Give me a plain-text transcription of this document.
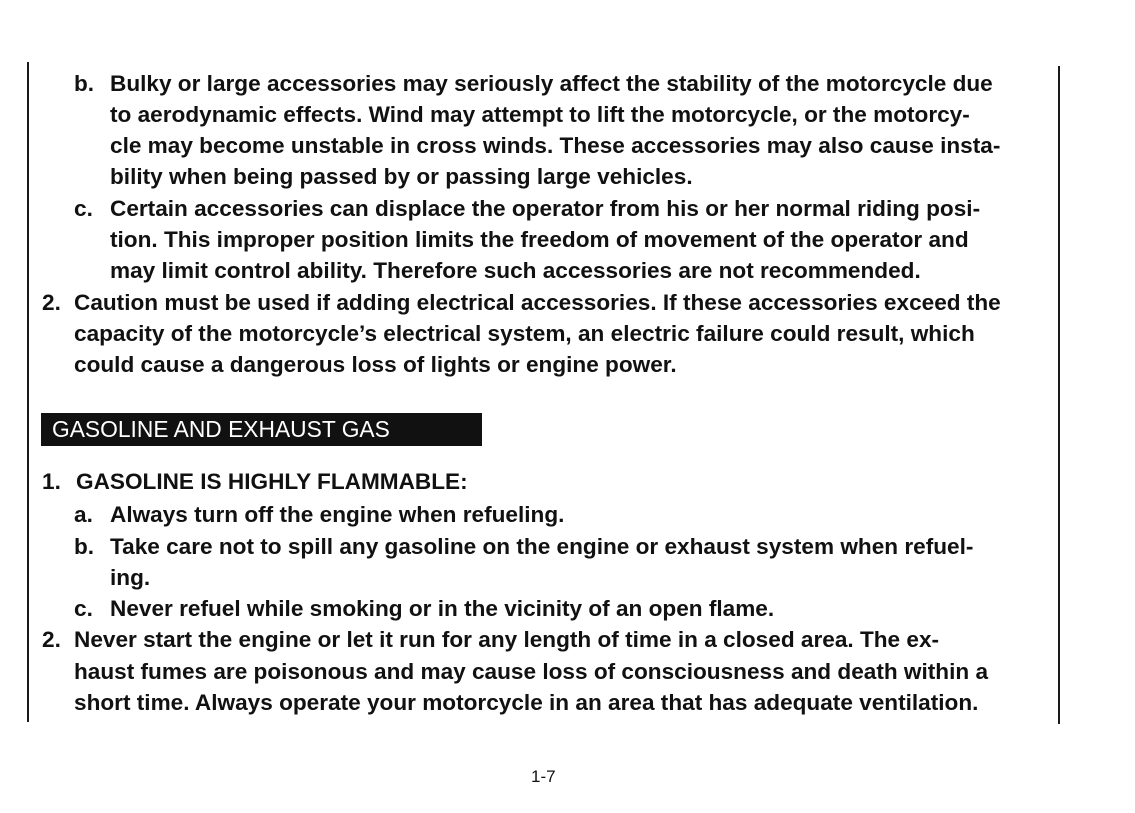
b. Bulky or large accessories may seriously affect the stability of the motorcycle due
to aerodynamic effects. Wind may attempt to lift the motorcycle, or the motorcy-
cle may become unstable in cross winds. These accessories may also cause insta-
bility when being passed by or passing large vehicles.
c. Certain accessories can displace the operator from his or her normal riding posi-
tion. This improper position limits the freedom of movement of the operator and
may limit control ability. Therefore such accessories are not recommended.
2. Caution must be used if adding electrical accessories. If these accessories exceed the
capacity of the motorcycle’s electrical system, an electric failure could result, which
could cause a dangerous loss of lights or engine power.
GASOLINE AND EXHAUST GAS
1. GASOLINE IS HIGHLY FLAMMABLE:
a. Always turn off the engine when refueling.
b. Take care not to spill any gasoline on the engine or exhaust system when refuel-
ing.
c. Never refuel while smoking or in the vicinity of an open flame.
2. Never start the engine or let it run for any length of time in a closed area. The ex-
haust fumes are poisonous and may cause loss of consciousness and death within a
short time. Always operate your motorcycle in an area that has adequate ventilation.
1-7
